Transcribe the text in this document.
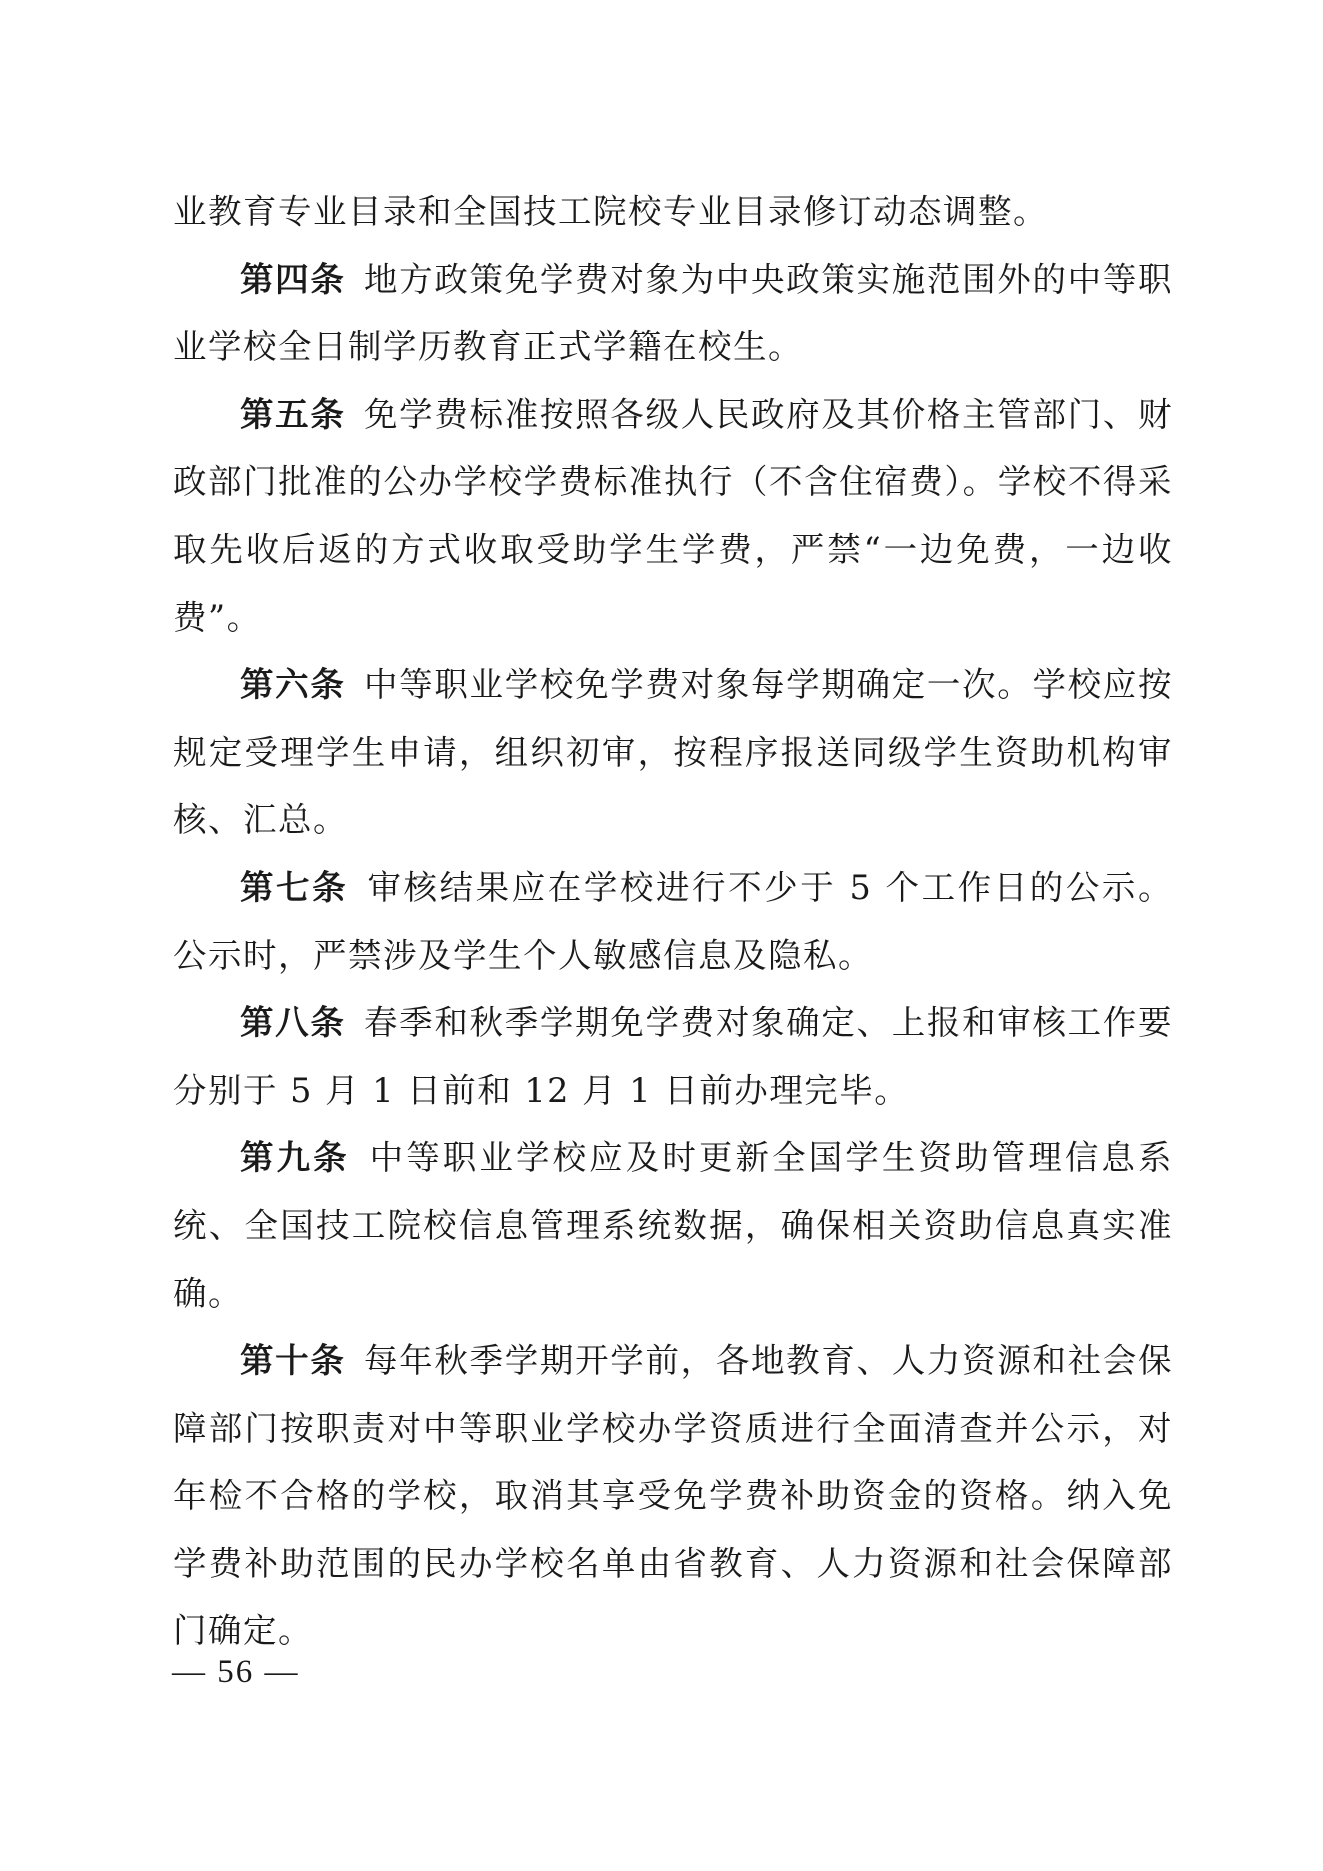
业教育专业目录和全国技工院校专业目录修订动态调整。

第四条  地方政策免学费对象为中央政策实施范围外的中等职业学校全日制学历教育正式学籍在校生。

第五条  免学费标准按照各级人民政府及其价格主管部门、财政部门批准的公办学校学费标准执行（不含住宿费）。学校不得采取先收后返的方式收取受助学生学费，严禁“一边免费，一边收费”。

第六条  中等职业学校免学费对象每学期确定一次。学校应按规定受理学生申请，组织初审，按程序报送同级学生资助机构审核、汇总。

第七条  审核结果应在学校进行不少于 5 个工作日的公示。公示时，严禁涉及学生个人敏感信息及隐私。

第八条  春季和秋季学期免学费对象确定、上报和审核工作要分别于 5 月 1 日前和 12 月 1 日前办理完毕。

第九条  中等职业学校应及时更新全国学生资助管理信息系统、全国技工院校信息管理系统数据，确保相关资助信息真实准确。

第十条  每年秋季学期开学前，各地教育、人力资源和社会保障部门按职责对中等职业学校办学资质进行全面清查并公示，对年检不合格的学校，取消其享受免学费补助资金的资格。纳入免学费补助范围的民办学校名单由省教育、人力资源和社会保障部门确定。

— 56 —
